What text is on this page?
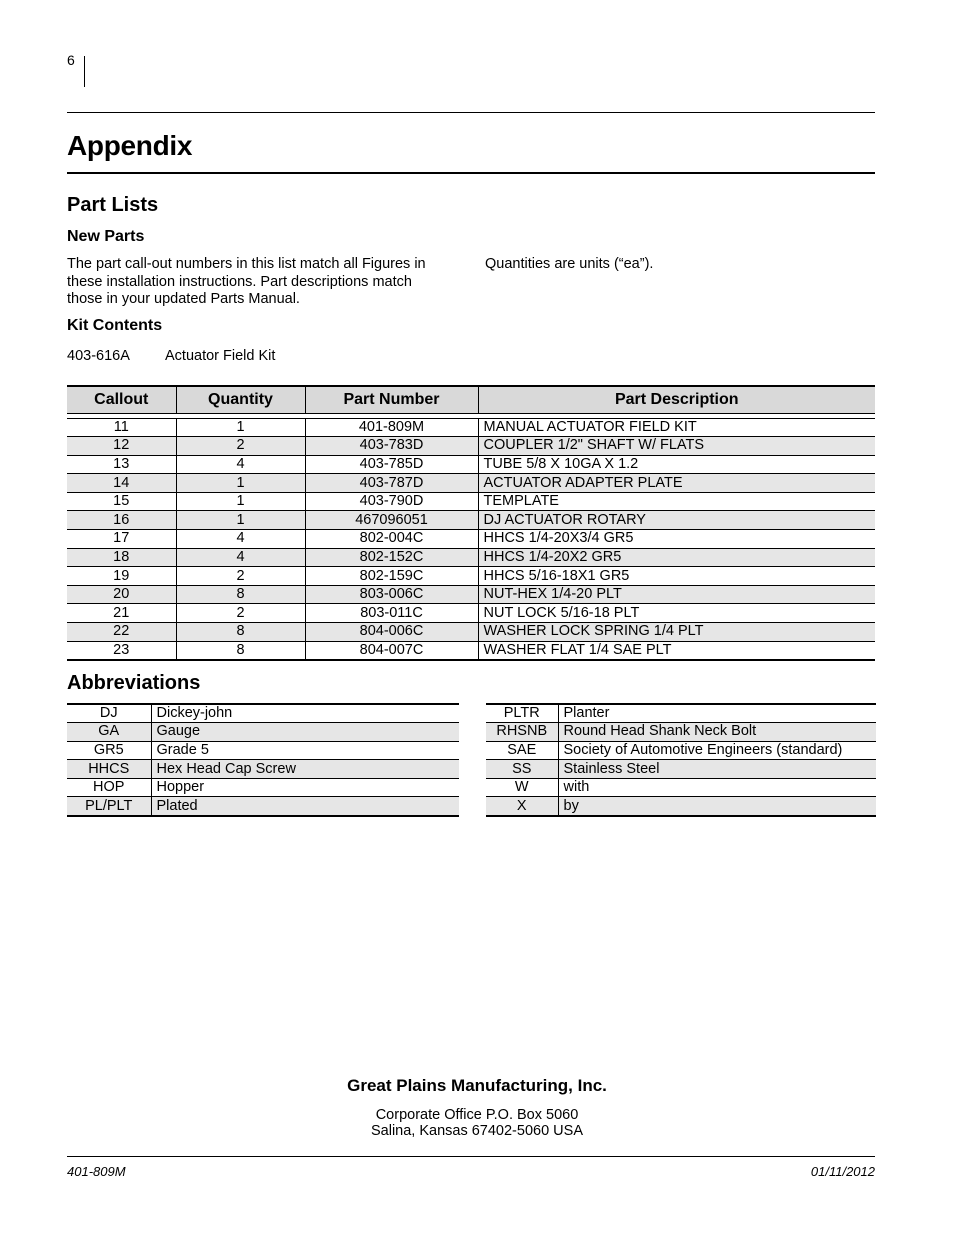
6
Appendix
Part Lists
New Parts
The part call-out numbers in this list match all Figures in
these installation instructions. Part descriptions match
those in your updated Parts Manual.
Quantities are units (“ea”).
Kit Contents
403-616A Actuator Field Kit
Callout	Quantity	Part Number	Part Description

11	1	401-809M	MANUAL ACTUATOR FIELD KIT
12	2	403-783D	COUPLER 1/2" SHAFT W/ FLATS
13	4	403-785D	TUBE 5/8 X 10GA X 1.2
14	1	403-787D	ACTUATOR ADAPTER PLATE
15	1	403-790D	TEMPLATE
16	1	467096051	DJ ACTUATOR ROTARY
17	4	802-004C	HHCS 1/4-20X3/4 GR5
18	4	802-152C	HHCS 1/4-20X2 GR5
19	2	802-159C	HHCS 5/16-18X1 GR5
20	8	803-006C	NUT-HEX 1/4-20 PLT
21	2	803-011C	NUT LOCK 5/16-18 PLT
22	8	804-006C	WASHER LOCK SPRING 1/4 PLT
23	8	804-007C	WASHER FLAT 1/4 SAE PLT
Abbreviations
DJ	Dickey-john
GA	Gauge
GR5	Grade 5
HHCS	Hex Head Cap Screw
HOP	Hopper
PL/PLT	Plated
PLTR	Planter
RHSNB	Round Head Shank Neck Bolt
SAE	Society of Automotive Engineers (standard)
SS	Stainless Steel
W	with
X	by
Great Plains Manufacturing, Inc.
Corporate Office P.O. Box 5060
Salina, Kansas 67402-5060 USA
401-809M	01/11/2012
